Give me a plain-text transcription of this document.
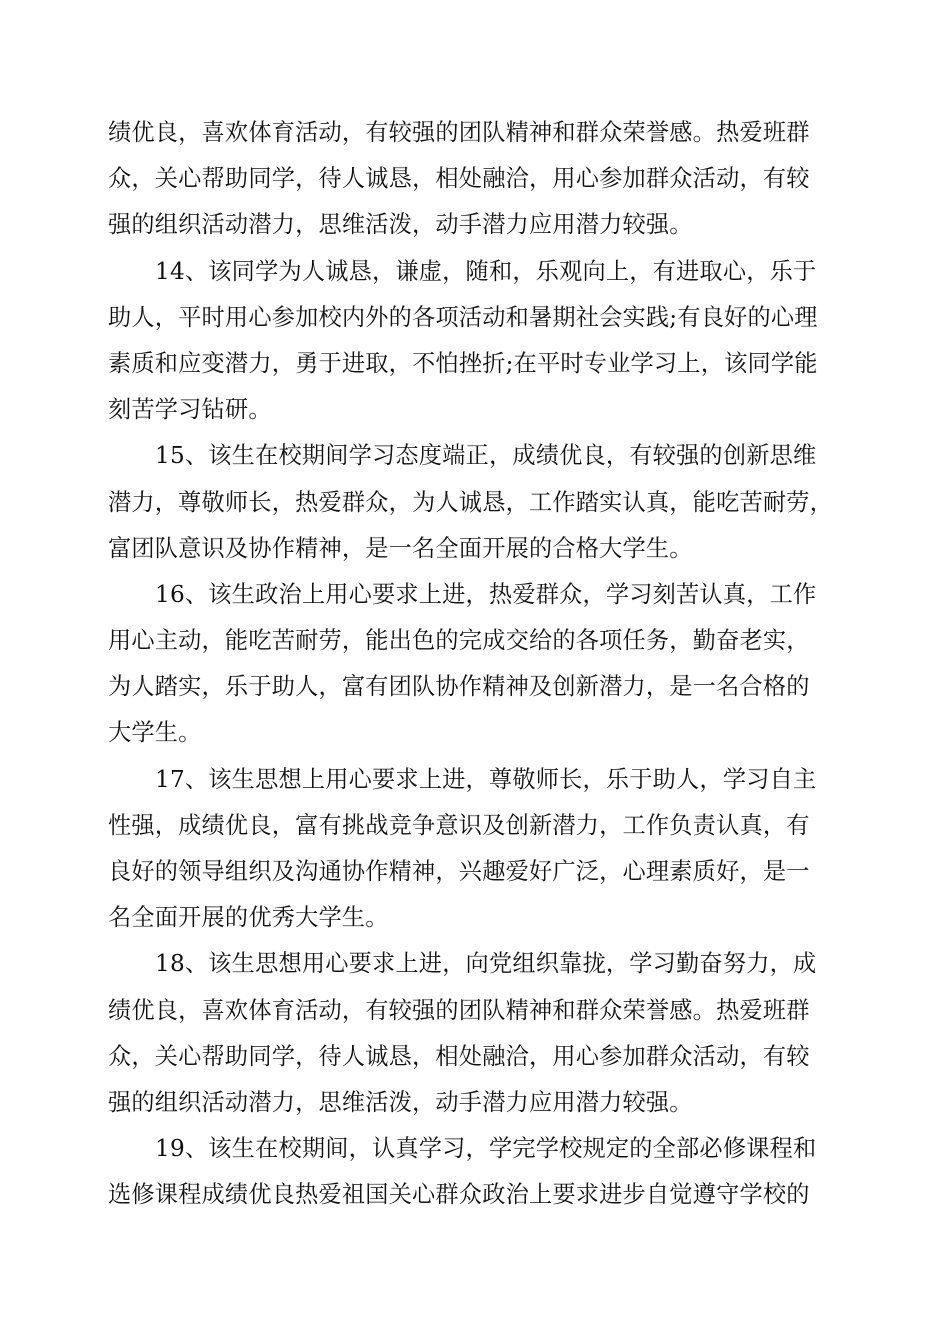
绩优良，喜欢体育活动，有较强的团队精神和群众荣誉感。热爱班群
众，关心帮助同学，待人诚恳，相处融洽，用心参加群众活动，有较
强的组织活动潜力，思维活泼，动手潜力应用潜力较强。
14、该同学为人诚恳，谦虚，随和，乐观向上，有进取心，乐于
助人，平时用心参加校内外的各项活动和暑期社会实践;有良好的心理
素质和应变潜力，勇于进取，不怕挫折;在平时专业学习上，该同学能
刻苦学习钻研。
15、该生在校期间学习态度端正，成绩优良，有较强的创新思维
潜力，尊敬师长，热爱群众，为人诚恳，工作踏实认真，能吃苦耐劳，
富团队意识及协作精神，是一名全面开展的合格大学生。
16、该生政治上用心要求上进，热爱群众，学习刻苦认真，工作
用心主动，能吃苦耐劳，能出色的完成交给的各项任务，勤奋老实，
为人踏实，乐于助人，富有团队协作精神及创新潜力，是一名合格的
大学生。
17、该生思想上用心要求上进，尊敬师长，乐于助人，学习自主
性强，成绩优良，富有挑战竞争意识及创新潜力，工作负责认真，有
良好的领导组织及沟通协作精神，兴趣爱好广泛，心理素质好，是一
名全面开展的优秀大学生。
18、该生思想用心要求上进，向党组织靠拢，学习勤奋努力，成
绩优良，喜欢体育活动，有较强的团队精神和群众荣誉感。热爱班群
众，关心帮助同学，待人诚恳，相处融洽，用心参加群众活动，有较
强的组织活动潜力，思维活泼，动手潜力应用潜力较强。
19、该生在校期间，认真学习，学完学校规定的全部必修课程和
选修课程成绩优良热爱祖国关心群众政治上要求进步自觉遵守学校的
